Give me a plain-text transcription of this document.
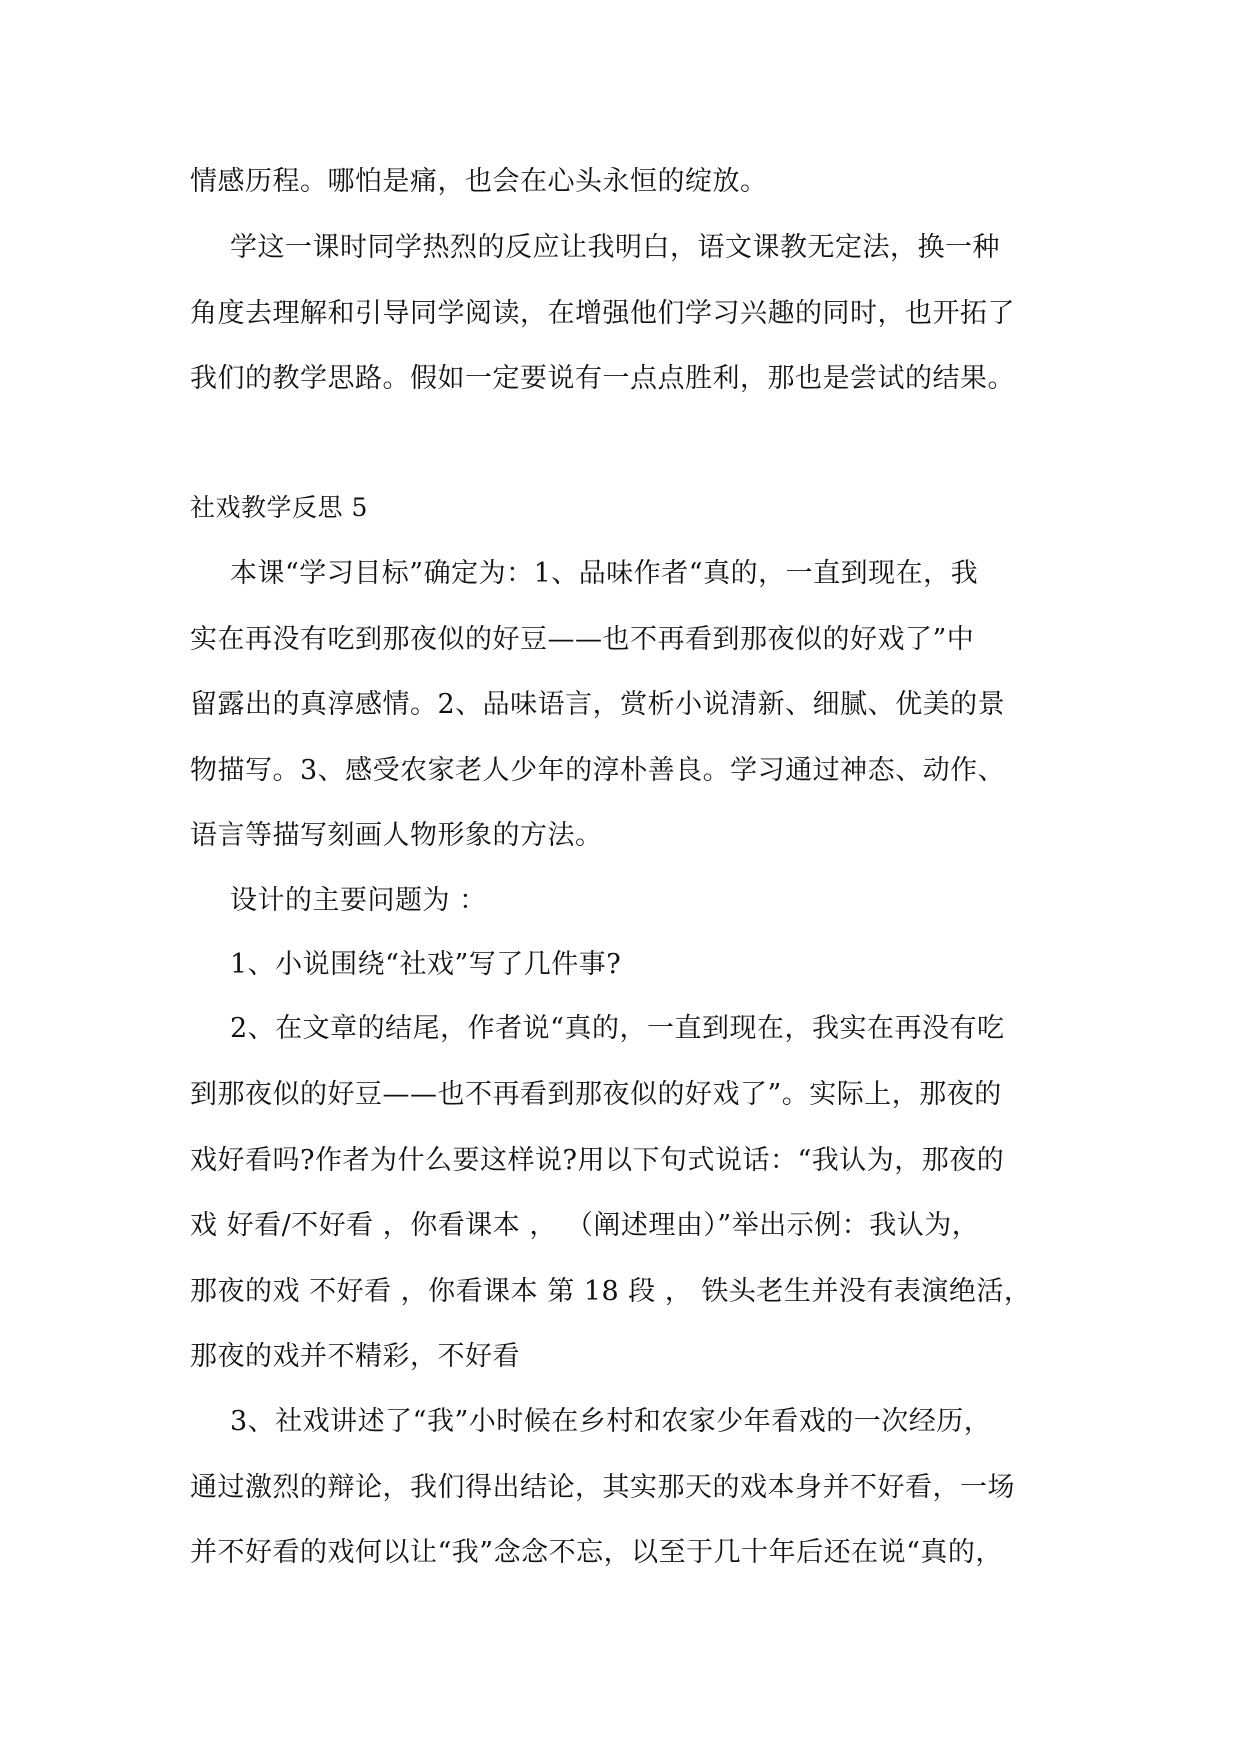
情感历程。哪怕是痛，也会在心头永恒的绽放。
学这一课时同学热烈的反应让我明白，语文课教无定法，换一种
角度去理解和引导同学阅读，在增强他们学习兴趣的同时，也开拓了
我们的教学思路。假如一定要说有一点点胜利，那也是尝试的结果。
社戏教学反思 5
本课“学习目标”确定为：1、品味作者“真的，一直到现在，我
实在再没有吃到那夜似的好豆——也不再看到那夜似的好戏了”中
留露出的真淳感情。2、品味语言，赏析小说清新、细腻、优美的景
物描写。3、感受农家老人少年的淳朴善良。学习通过神态、动作、
语言等描写刻画人物形象的方法。
设计的主要问题为 ：
1、小说围绕“社戏”写了几件事?
2、在文章的结尾，作者说“真的，一直到现在，我实在再没有吃
到那夜似的好豆——也不再看到那夜似的好戏了”。实际上，那夜的
戏好看吗?作者为什么要这样说?用以下句式说话：“我认为，那夜的
戏 好看/不好看 ，你看课本 ， （阐述理由）”举出示例：我认为，
那夜的戏 不好看 ，你看课本 第 18 段 ， 铁头老生并没有表演绝活，
那夜的戏并不精彩，不好看
3、社戏讲述了“我”小时候在乡村和农家少年看戏的一次经历，
通过激烈的辩论，我们得出结论，其实那天的戏本身并不好看，一场
并不好看的戏何以让“我”念念不忘，以至于几十年后还在说“真的，
